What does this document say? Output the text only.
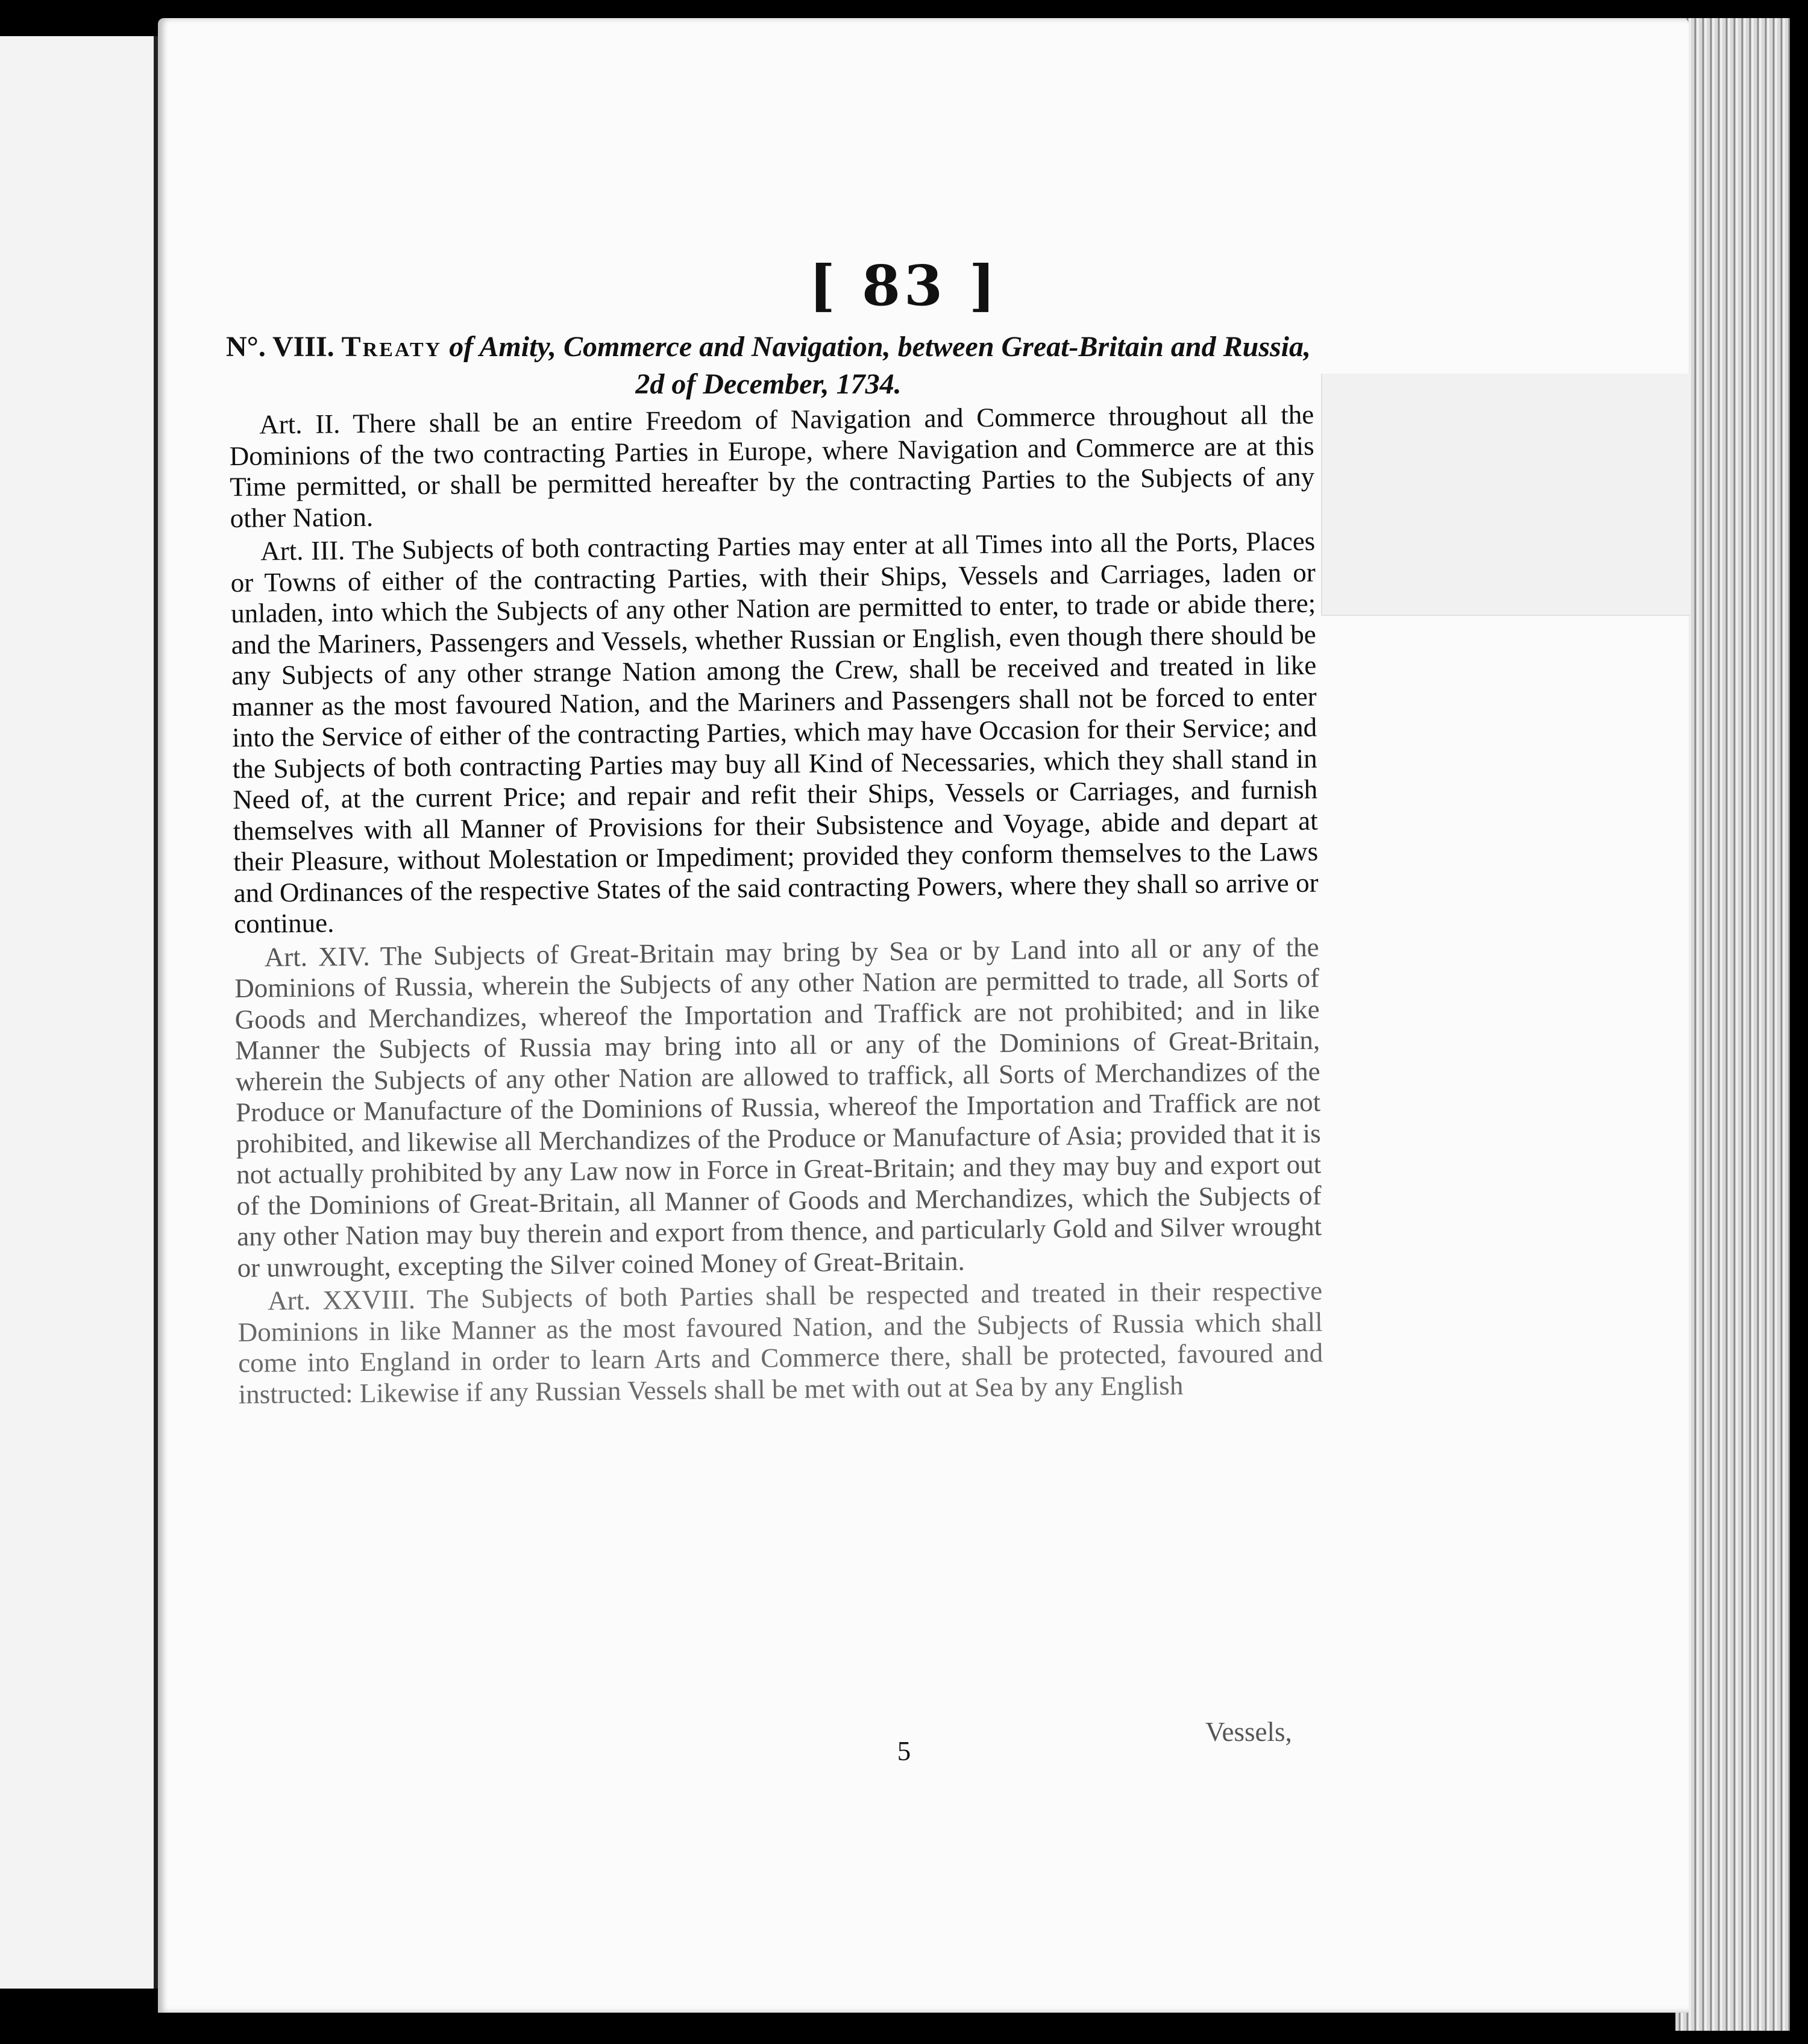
[ 83 ]
N°. VIII. Treaty of Amity, Commerce and Navigation, between Great-Britain and Russia, 2d of December, 1734.

Art. II. There shall be an entire Freedom of Navigation and Commerce throughout all the Dominions of the two contracting Parties in Europe, where Navigation and Commerce are at this Time permitted, or shall be permitted hereafter by the contracting Parties to the Subjects of any other Nation.

Art. III. The Subjects of both contracting Parties may enter at all Times into all the Ports, Places or Towns of either of the contracting Parties, with their Ships, Vessels and Carriages, laden or unladen, into which the Subjects of any other Nation are permitted to enter, to trade or abide there; and the Mariners, Passengers and Vessels, whether Russian or English, even though there should be any Subjects of any other strange Nation among the Crew, shall be received and treated in like manner as the most favoured Nation, and the Mariners and Passengers shall not be forced to enter into the Service of either of the contracting Parties, which may have Occasion for their Service; and the Subjects of both contracting Parties may buy all Kind of Necessaries, which they shall stand in Need of, at the current Price; and repair and refit their Ships, Vessels or Carriages, and furnish themselves with all Manner of Provisions for their Subsistence and Voyage, abide and depart at their Pleasure, without Molestation or Impediment; provided they conform themselves to the Laws and Ordinances of the respective States of the said contracting Powers, where they shall so arrive or continue.

Art. XIV. The Subjects of Great-Britain may bring by Sea or by Land into all or any of the Dominions of Russia, wherein the Subjects of any other Nation are permitted to trade, all Sorts of Goods and Merchandizes, whereof the Importation and Traffick are not prohibited; and in like Manner the Subjects of Russia may bring into all or any of the Dominions of Great-Britain, wherein the Subjects of any other Nation are allowed to traffick, all Sorts of Merchandizes of the Produce or Manufacture of the Dominions of Russia, whereof the Importation and Traffick are not prohibited, and likewise all Merchandizes of the Produce or Manufacture of Asia; provided that it is not actually prohibited by any Law now in Force in Great-Britain; and they may buy and export out of the Dominions of Great-Britain, all Manner of Goods and Merchandizes, which the Subjects of any other Nation may buy therein and export from thence, and particularly Gold and Silver wrought or unwrought, excepting the Silver coined Money of Great-Britain.

Art. XXVIII. The Subjects of both Parties shall be respected and treated in their respective Dominions in like Manner as the most favoured Nation, and the Subjects of Russia which shall come into England in order to learn Arts and Commerce there, shall be protected, favoured and instructed: Likewise if any Russian Vessels shall be met with out at Sea by any English

Vessels,
5
